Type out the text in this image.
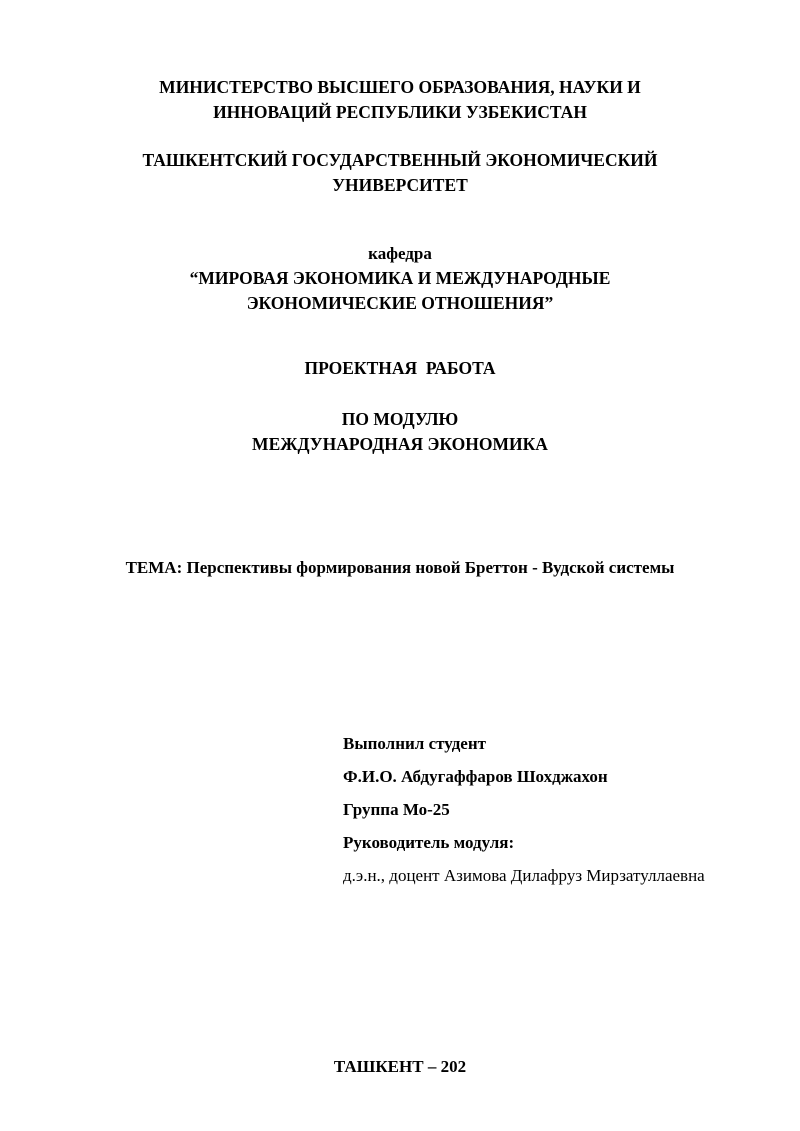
МИНИСТЕРСТВО ВЫСШЕГО ОБРАЗОВАНИЯ, НАУКИ И
ИННОВАЦИЙ РЕСПУБЛИКИ УЗБЕКИСТАН
ТАШКЕНТСКИЙ ГОСУДАРСТВЕННЫЙ ЭКОНОМИЧЕСКИЙ
УНИВЕРСИТЕТ
кафедра
“МИРОВАЯ ЭКОНОМИКА И МЕЖДУНАРОДНЫЕ
ЭКОНОМИЧЕСКИЕ ОТНОШЕНИЯ”
ПРОЕКТНАЯ  РАБОТА
ПО МОДУЛЮ
МЕЖДУНАРОДНАЯ ЭКОНОМИКА
ТЕМА: Перспективы формирования новой Бреттон - Вудской системы
Выполнил студент
Ф.И.О. Абдугаффаров Шохджахон
Группа Мо-25
Руководитель модуля:
д.э.н., доцент Азимова Дилафруз Мирзатуллаевна
ТАШКЕНТ – 202
